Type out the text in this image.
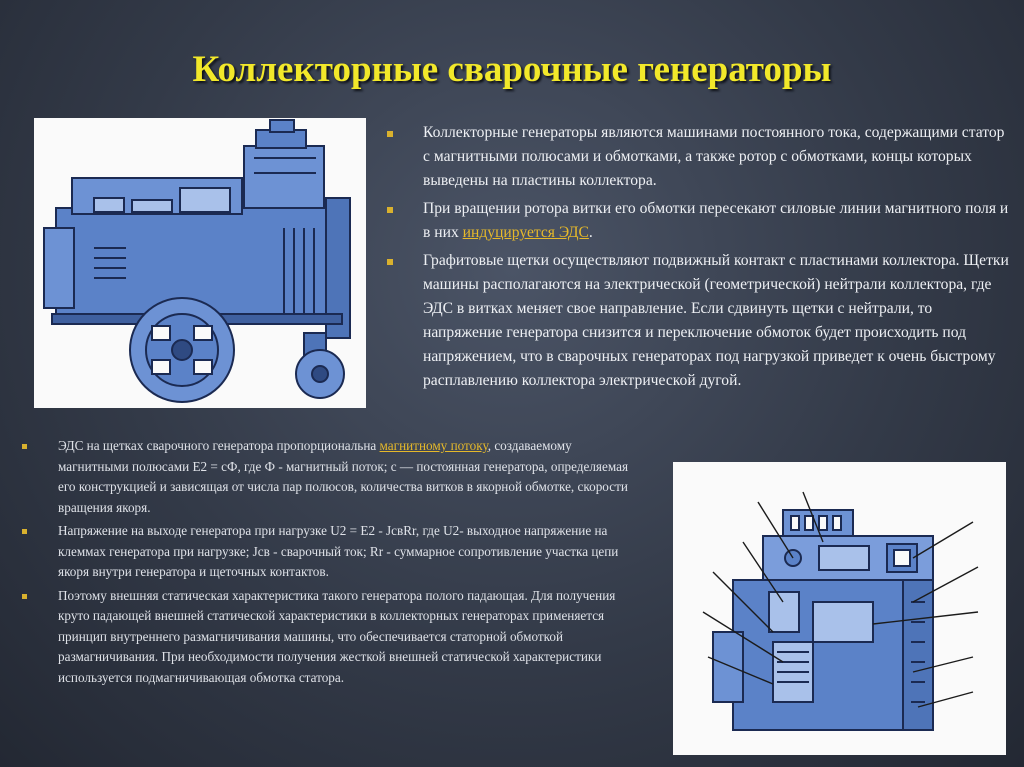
Коллекторные сварочные генераторы
Коллекторные генераторы являются машинами постоянного тока, содержащими статор с магнитными полюсами и обмотками, а также ротор с обмотками, концы которых выведены на пластины коллектора.
При вращении ротора витки его обмотки пересекают силовые линии магнитного поля и в них индуцируется ЭДС.
Графитовые щетки осуществляют подвижный контакт с пластинами коллектора. Щетки машины располагаются на электрической (геометрической) нейтрали коллектора, где ЭДС в витках меняет свое направление. Если сдвинуть щетки с нейтрали, то напряжение генератора снизится и переключение обмоток будет происходить под напряжением, что в сварочных генераторах под нагрузкой приведет к очень быстрому расплавлению коллектора электрической дугой.
ЭДС на щетках сварочного генератора пропорциональна магнитному потоку, создаваемому магнитными полюсами E2 = сФ, где Ф - магнитный поток; с — постоянная генератора, определяемая его конструкцией и зависящая от числа пар полюсов, количества витков в якорной обмотке, скорости вращения якоря.
Напряжение на выходе генератора при нагрузке U2 = E2 - JcвRr, где U2- выходное напряжение на клеммах генератора при нагрузке; Jcв - сварочный ток; Rr - суммарное сопротивление участка цепи якоря внутри генератора и щеточных контактов.
Поэтому внешняя статическая характеристика такого генератора полого падающая. Для получения круто падающей внешней статической характеристики в коллекторных генераторах применяется принцип внутреннего размагничивания машины, что обеспечивается статорной обмоткой размагничивания. При необходимости получения жесткой внешней статической характеристики используется подмагничивающая обмотка статора.
